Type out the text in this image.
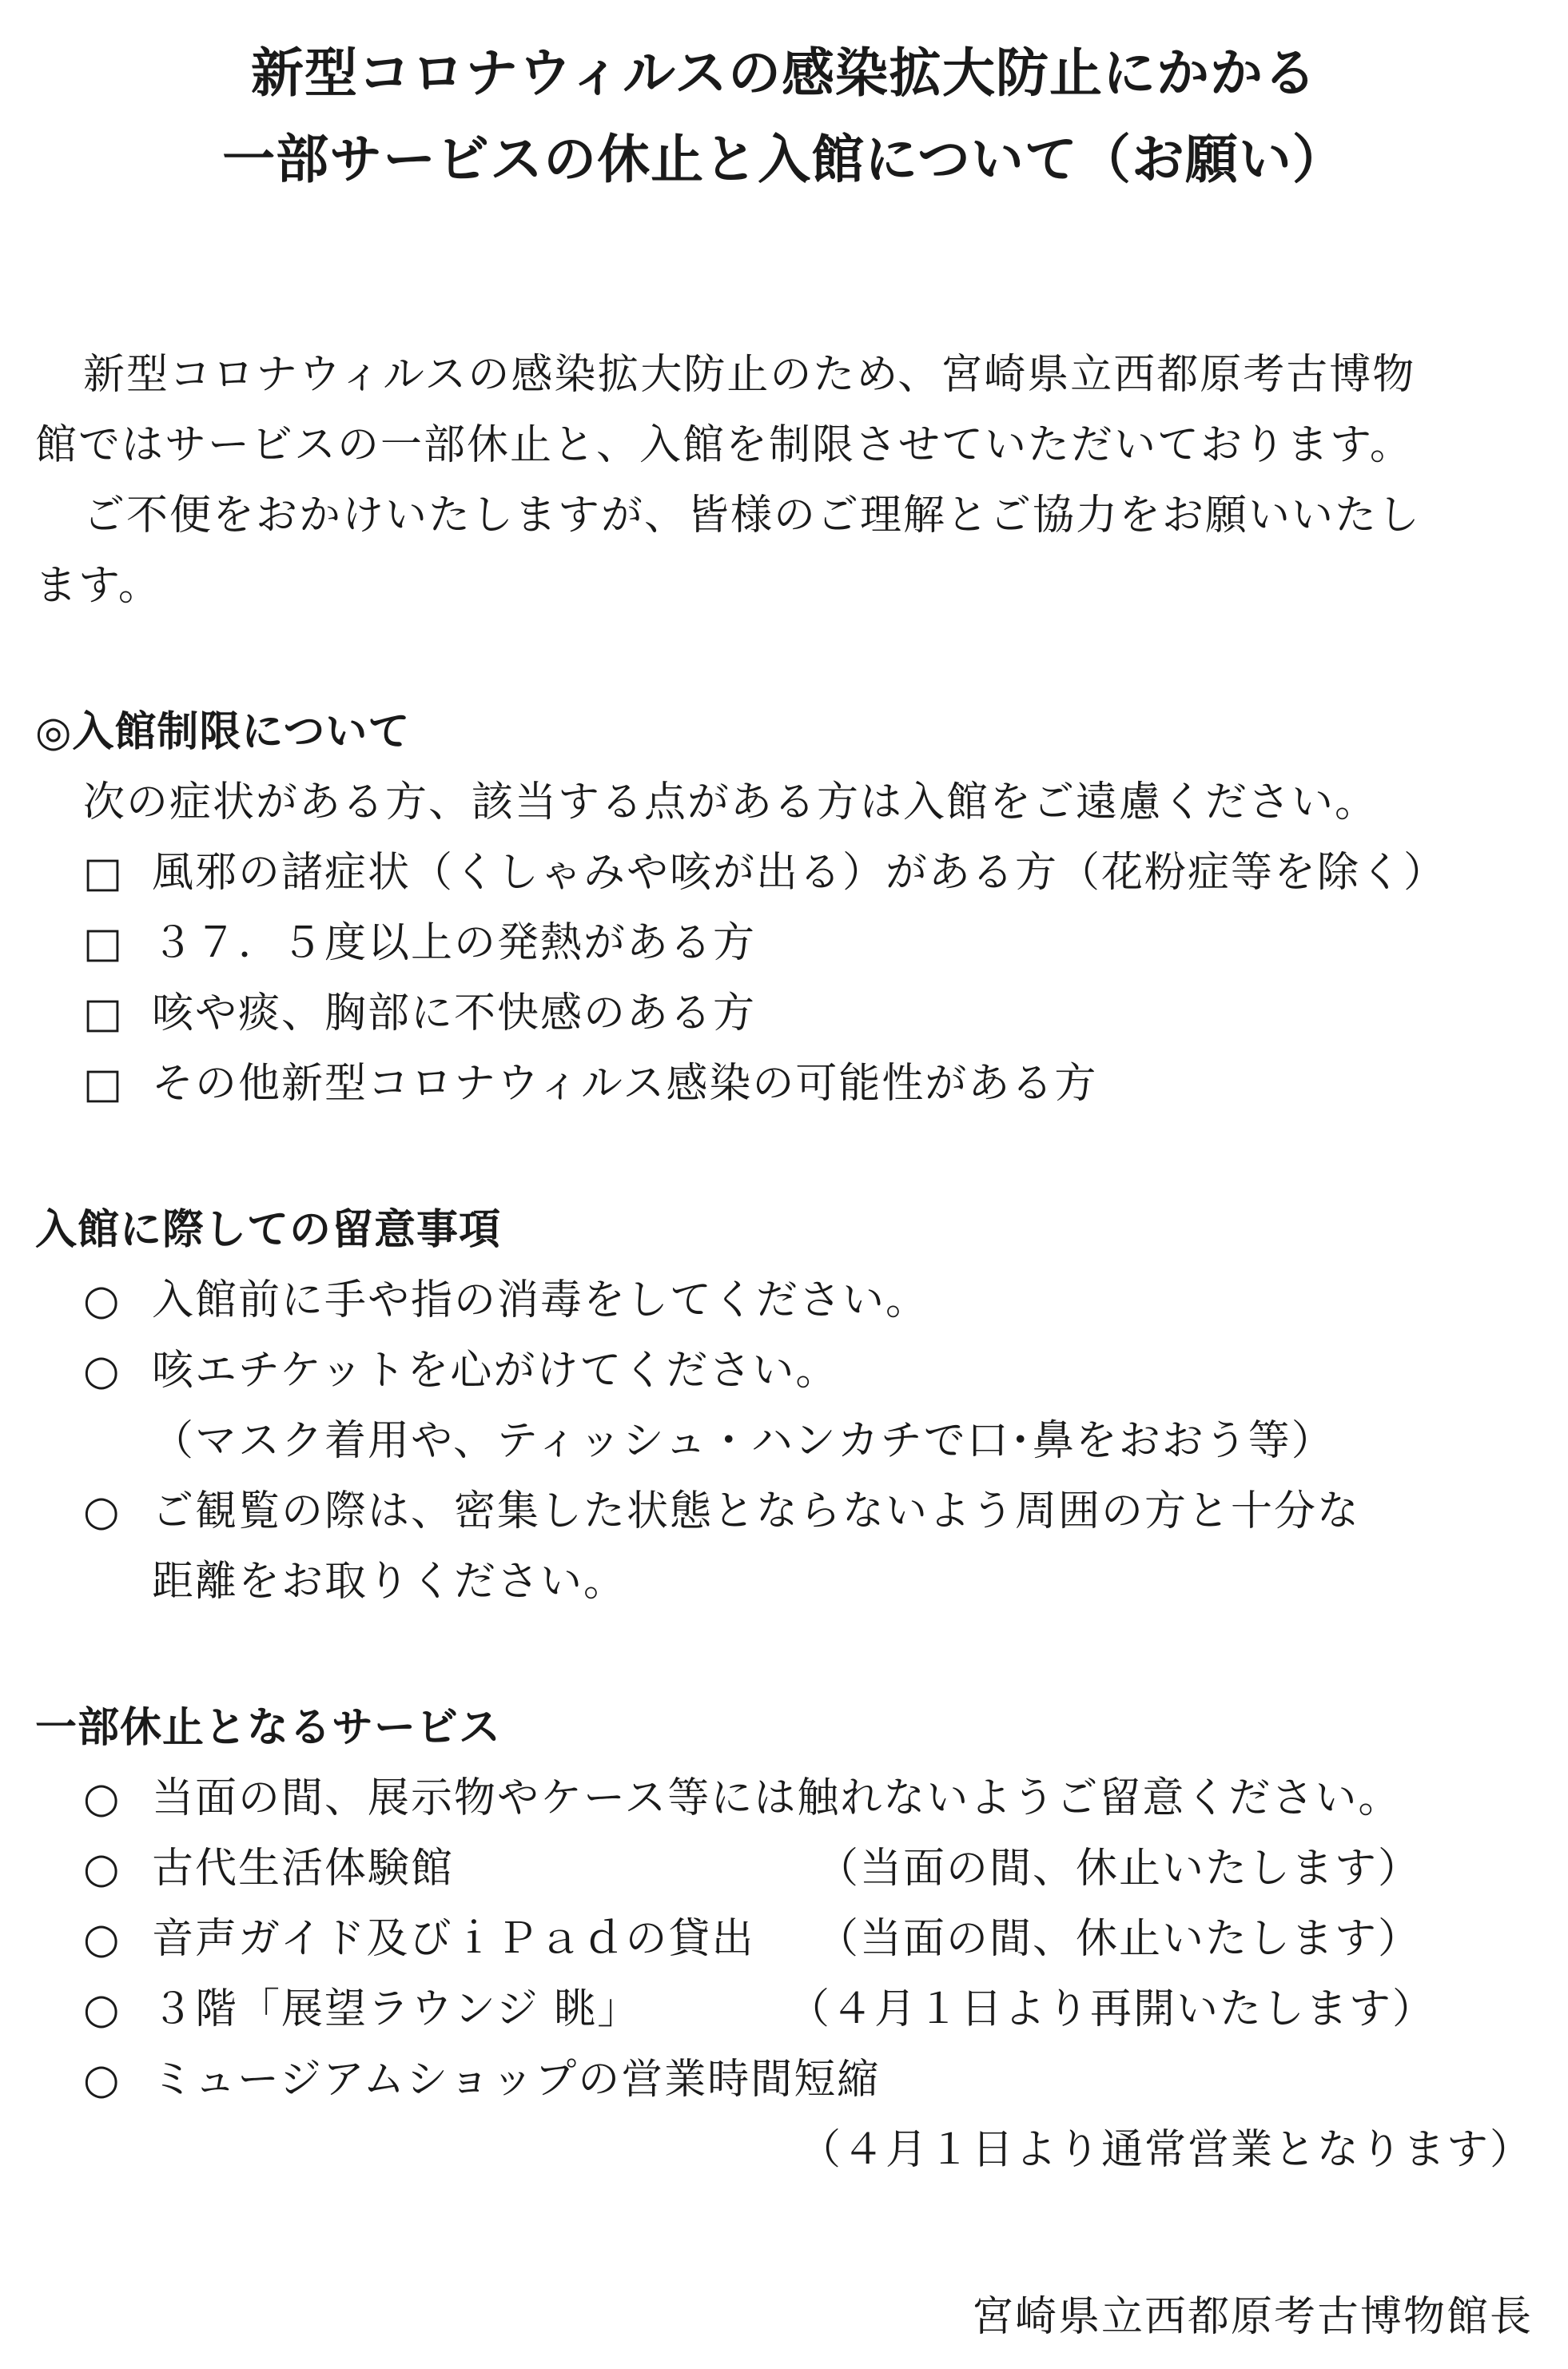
新型コロナウィルスの感染拡大防止にかかる
一部サービスの休止と入館について（お願い）
新型コロナウィルスの感染拡大防止のため、宮崎県立西都原考古博物
館ではサービスの一部休止と、入館を制限させていただいております。
ご不便をおかけいたしますが、皆様のご理解とご協力をお願いいたし
ます。
◎入館制限について
次の症状がある方、該当する点がある方は入館をご遠慮ください。
□ 風邪の諸症状（くしゃみや咳が出る）がある方（花粉症等を除く）
□ ３７．５度以上の発熱がある方
□ 咳や痰、胸部に不快感のある方
□ その他新型コロナウィルス感染の可能性がある方
入館に際しての留意事項
○ 入館前に手や指の消毒をしてください。
○ 咳エチケットを心がけてください。
（マスク着用や、ティッシュ・ハンカチで口･鼻をおおう等）
○ ご観覧の際は、密集した状態とならないよう周囲の方と十分な
距離をお取りください。
一部休止となるサービス
○ 当面の間、展示物やケース等には触れないようご留意ください。
○ 古代生活体験館	（当面の間、休止いたします）
○ 音声ガイド及びｉＰａｄの貸出 （当面の間、休止いたします）
○ ３階「展望ラウンジ 眺」	（４月１日より再開いたします）
○ ミュージアムショップの営業時間短縮
（４月１日より通常営業となります）
宮崎県立西都原考古博物館長
